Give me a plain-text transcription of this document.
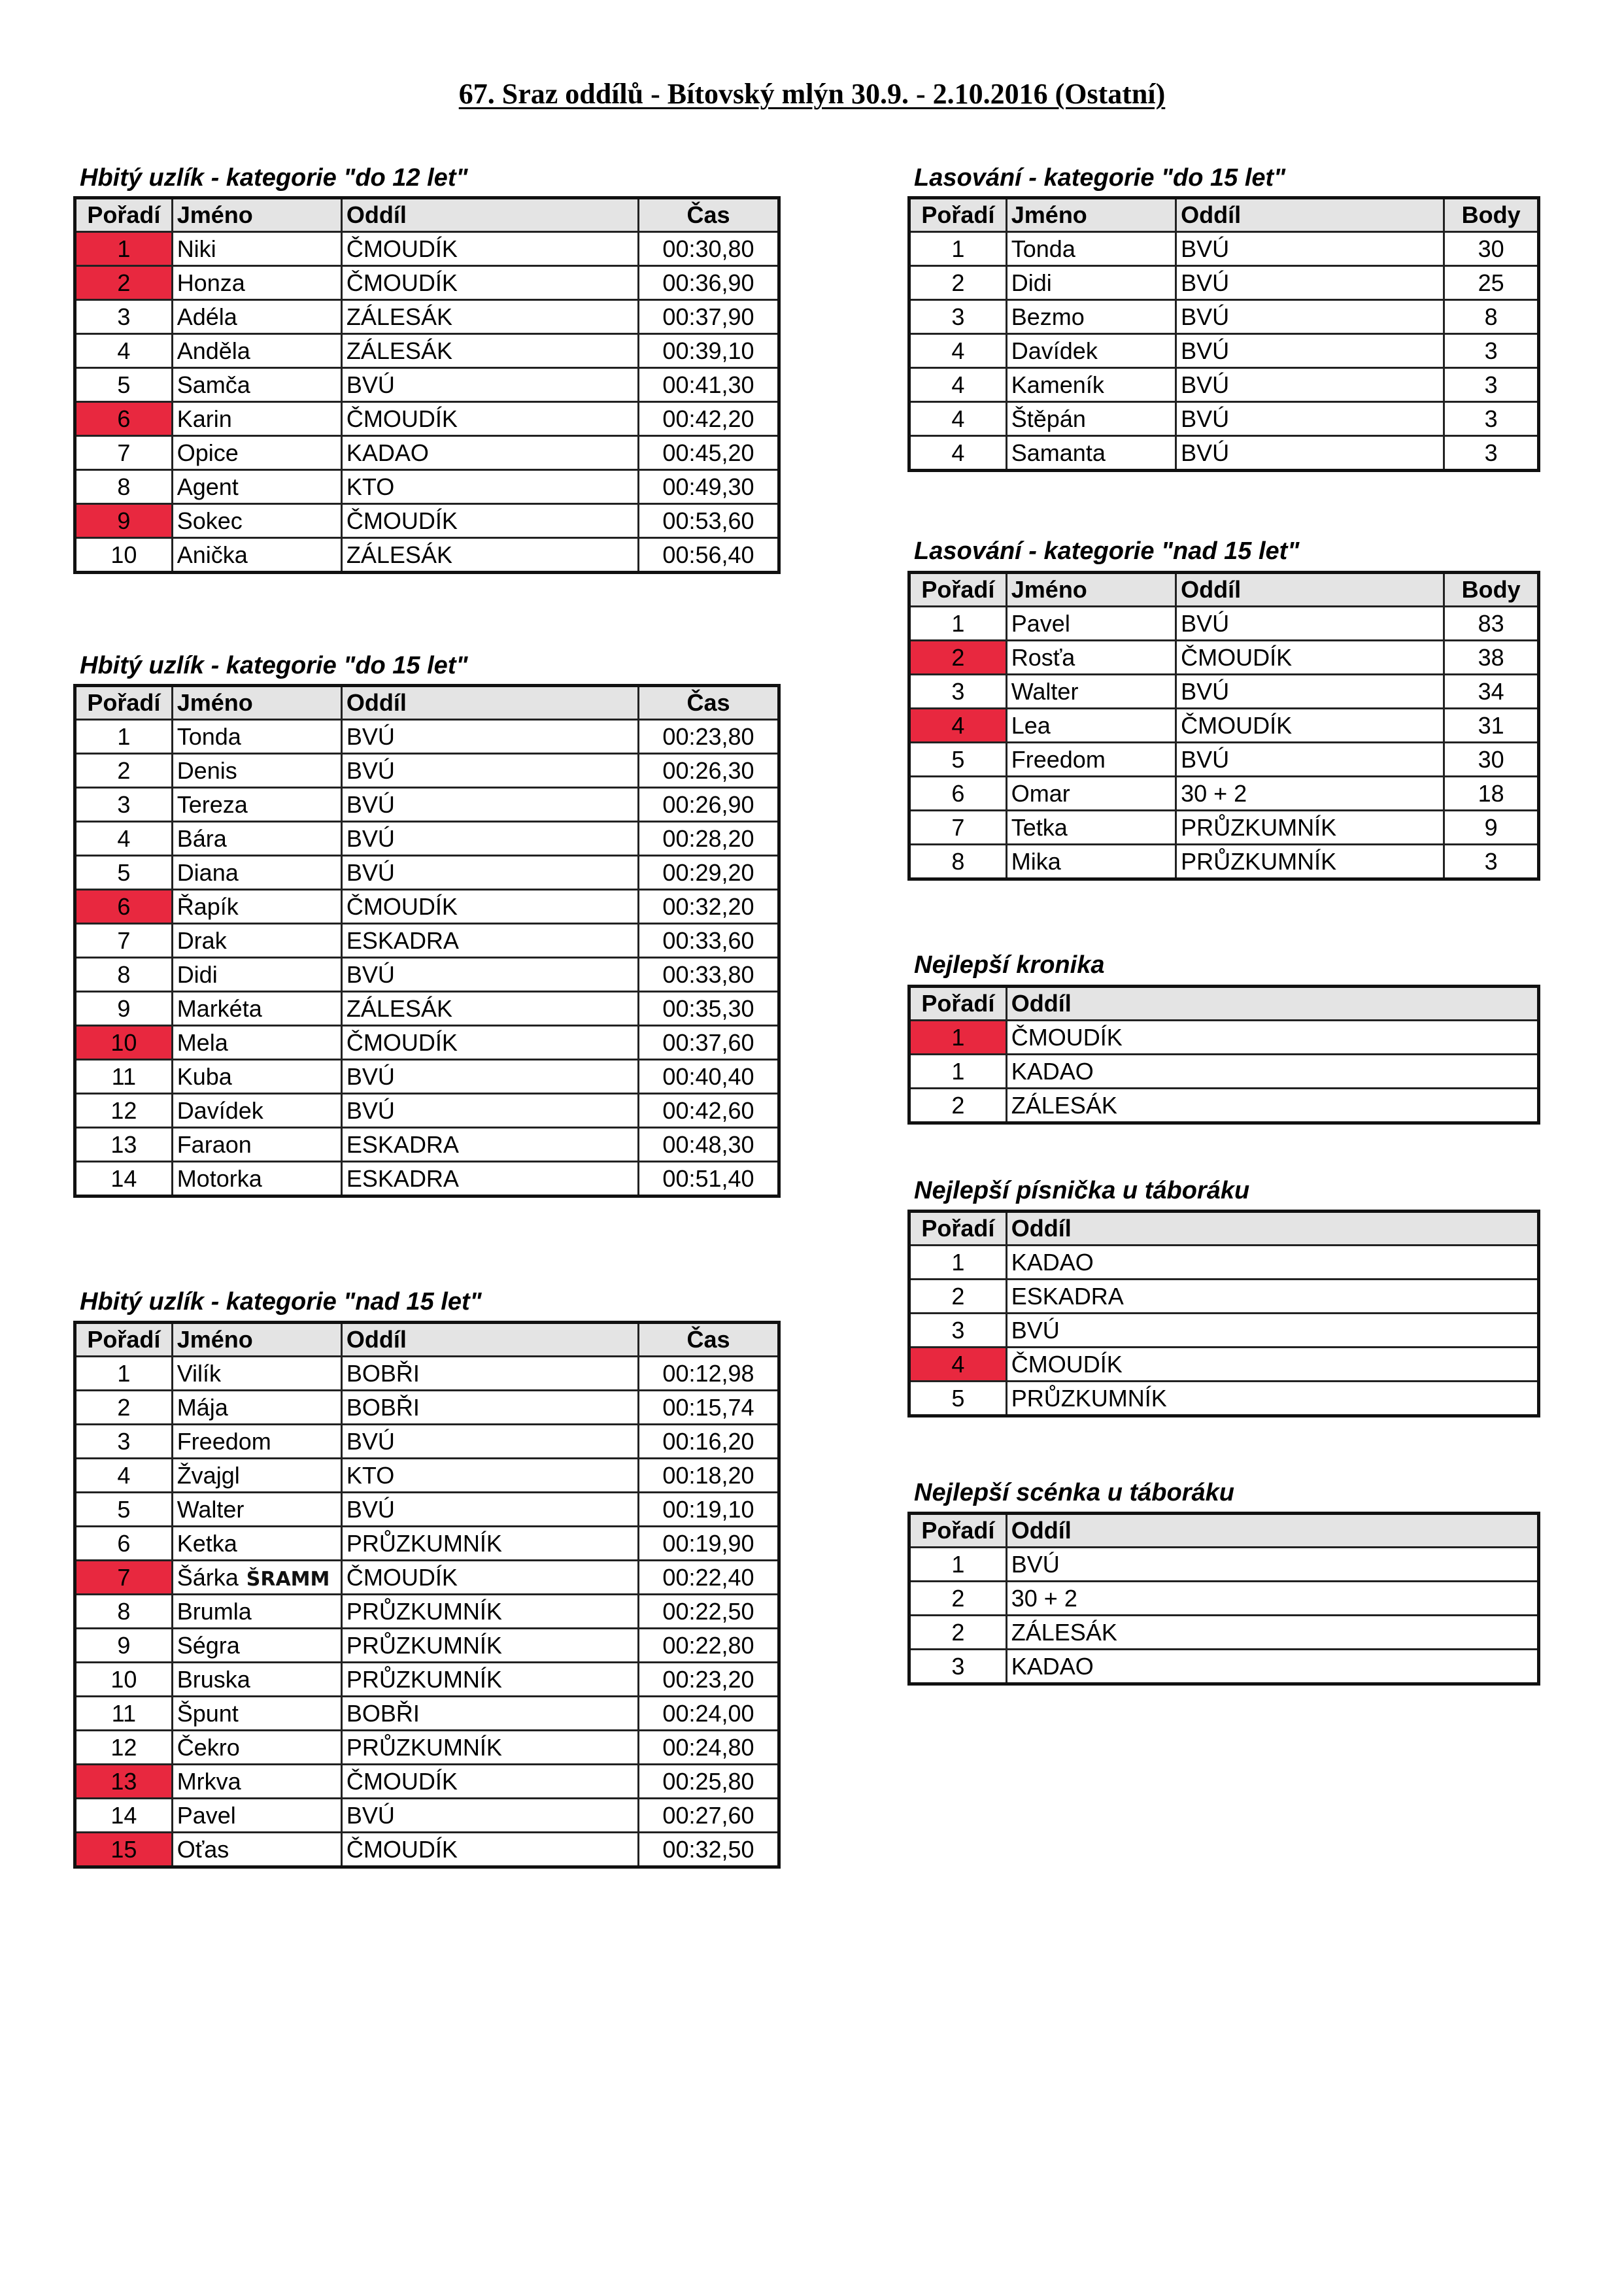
67. Sraz oddílů - Bítovský mlýn 30.9. - 2.10.2016 (Ostatní)
Hbitý uzlík - kategorie "do 12 let"
Pořadí	Jméno	Oddíl	Čas
1	Niki	ČMOUDÍK	00:30,80
2	Honza	ČMOUDÍK	00:36,90
3	Adéla	ZÁLESÁK	00:37,90
4	Anděla	ZÁLESÁK	00:39,10
5	Samča	BVÚ	00:41,30
6	Karin	ČMOUDÍK	00:42,20
7	Opice	KADAO	00:45,20
8	Agent	KTO	00:49,30
9	Sokec	ČMOUDÍK	00:53,60
10	Anička	ZÁLESÁK	00:56,40
Hbitý uzlík - kategorie "do 15 let"
Pořadí	Jméno	Oddíl	Čas
1	Tonda	BVÚ	00:23,80
2	Denis	BVÚ	00:26,30
3	Tereza	BVÚ	00:26,90
4	Bára	BVÚ	00:28,20
5	Diana	BVÚ	00:29,20
6	Řapík	ČMOUDÍK	00:32,20
7	Drak	ESKADRA	00:33,60
8	Didi	BVÚ	00:33,80
9	Markéta	ZÁLESÁK	00:35,30
10	Mela	ČMOUDÍK	00:37,60
11	Kuba	BVÚ	00:40,40
12	Davídek	BVÚ	00:42,60
13	Faraon	ESKADRA	00:48,30
14	Motorka	ESKADRA	00:51,40
Hbitý uzlík - kategorie "nad 15 let"
Pořadí	Jméno	Oddíl	Čas
1	Vilík	BOBŘI	00:12,98
2	Mája	BOBŘI	00:15,74
3	Freedom	BVÚ	00:16,20
4	Žvajgl	KTO	00:18,20
5	Walter	BVÚ	00:19,10
6	Ketka	PRŮZKUMNÍK	00:19,90
7	Šárka ŠRAMM	ČMOUDÍK	00:22,40
8	Brumla	PRŮZKUMNÍK	00:22,50
9	Ségra	PRŮZKUMNÍK	00:22,80
10	Bruska	PRŮZKUMNÍK	00:23,20
11	Špunt	BOBŘI	00:24,00
12	Čekro	PRŮZKUMNÍK	00:24,80
13	Mrkva	ČMOUDÍK	00:25,80
14	Pavel	BVÚ	00:27,60
15	Oťas	ČMOUDÍK	00:32,50
Lasování - kategorie "do 15 let"
Pořadí	Jméno	Oddíl	Body
1	Tonda	BVÚ	30
2	Didi	BVÚ	25
3	Bezmo	BVÚ	8
4	Davídek	BVÚ	3
4	Kameník	BVÚ	3
4	Štěpán	BVÚ	3
4	Samanta	BVÚ	3
Lasování - kategorie "nad 15 let"
Pořadí	Jméno	Oddíl	Body
1	Pavel	BVÚ	83
2	Rosťa	ČMOUDÍK	38
3	Walter	BVÚ	34
4	Lea	ČMOUDÍK	31
5	Freedom	BVÚ	30
6	Omar	30 + 2	18
7	Tetka	PRŮZKUMNÍK	9
8	Mika	PRŮZKUMNÍK	3
Nejlepší kronika
Pořadí	Oddíl
1	ČMOUDÍK
1	KADAO
2	ZÁLESÁK
Nejlepší písnička u táboráku
Pořadí	Oddíl
1	KADAO
2	ESKADRA
3	BVÚ
4	ČMOUDÍK
5	PRŮZKUMNÍK
Nejlepší scénka u táboráku
Pořadí	Oddíl
1	BVÚ
2	30 + 2
2	ZÁLESÁK
3	KADAO
